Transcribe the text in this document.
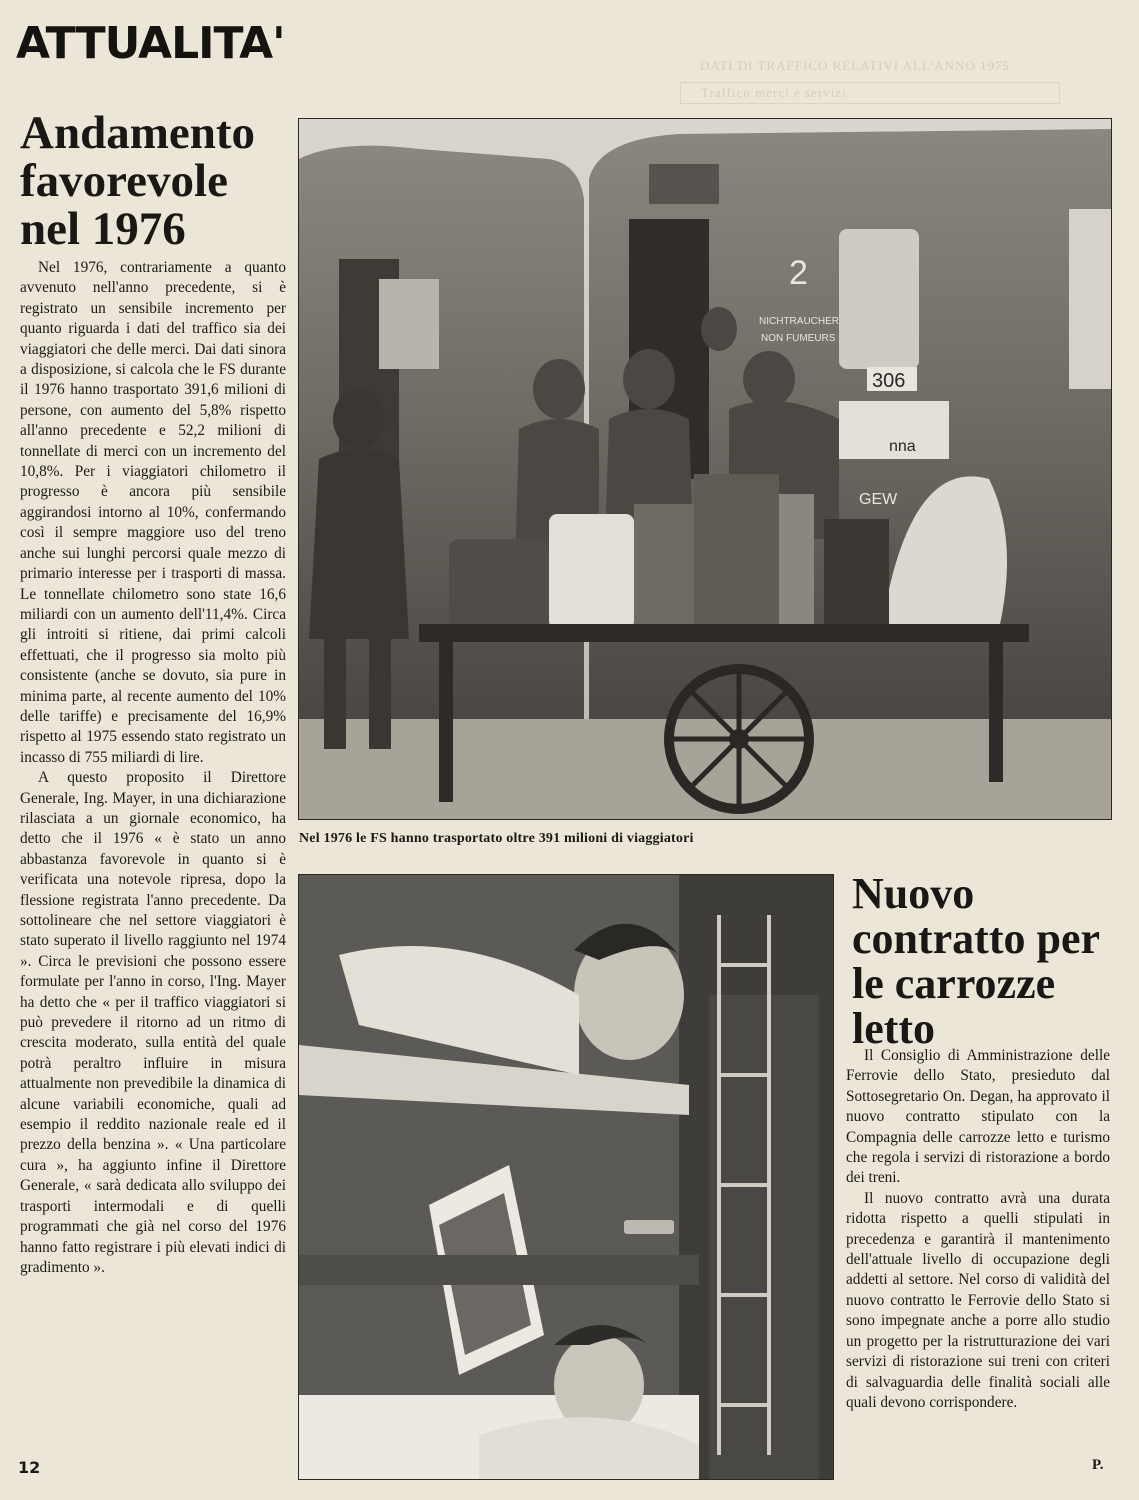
DATI DI TRAFFICO RELATIVI ALL'ANNO 1975
Traffico merci e servizi
ATTUALITA'
Andamento favorevole nel 1976

Nel 1976, contrariamente a quanto avvenuto nell'anno precedente, si è registrato un sensibile incremento per quanto riguarda i dati del traffico sia dei viaggiatori che delle merci. Dai dati sinora a disposizione, si calcola che le FS durante il 1976 hanno trasportato 391,6 milioni di persone, con aumento del 5,8% rispetto all'anno precedente e 52,2 milioni di tonnellate di merci con un incremento del 10,8%. Per i viaggiatori chilometro il progresso è ancora più sensibile aggirandosi intorno al 10%, confermando così il sempre maggiore uso del treno anche sui lunghi percorsi quale mezzo di primario interesse per i trasporti di massa. Le tonnellate chilometro sono state 16,6 miliardi con un aumento dell'11,4%. Circa gli introiti si ritiene, dai primi calcoli effettuati, che il progresso sia molto più consistente (anche se dovuto, sia pure in minima parte, al recente aumento del 10% delle tariffe) e precisamente del 16,9% rispetto al 1975 essendo stato registrato un incasso di 755 miliardi di lire.

A questo proposito il Direttore Generale, Ing. Mayer, in una dichiarazione rilasciata a un giornale economico, ha detto che il 1976 « è stato un anno abbastanza favorevole in quanto si è verificata una notevole ripresa, dopo la flessione registrata l'anno precedente. Da sottolineare che nel settore viaggiatori è stato superato il livello raggiunto nel 1974 ». Circa le previsioni che possono essere formulate per l'anno in corso, l'Ing. Mayer ha detto che « per il traffico viaggiatori si può prevedere il ritorno ad un ritmo di crescita moderato, sulla entità del quale potrà peraltro influire in misura attualmente non prevedibile la dinamica di alcune variabili economiche, quali ad esempio il reddito nazionale reale ed il prezzo della benzina ». « Una particolare cura », ha aggiunto infine il Direttore Generale, « sarà dedicata allo sviluppo dei trasporti intermodali e di quelli programmati che già nel corso del 1976 hanno fatto registrare i più elevati indici di gradimento ».

2
NICHTRAUCHER
NON FUMEURS
306
nna
GEW
Nel 1976 le FS hanno trasportato oltre 391 milioni di viaggiatori
Nuovo contratto per le carrozze letto

Il Consiglio di Amministrazione delle Ferrovie dello Stato, presieduto dal Sottosegretario On. Degan, ha approvato il nuovo contratto stipulato con la Compagnia delle carrozze letto e turismo che regola i servizi di ristorazione a bordo dei treni.

Il nuovo contratto avrà una durata ridotta rispetto a quelli stipulati in precedenza e garantirà il mantenimento dell'attuale livello di occupazione degli addetti al settore. Nel corso di validità del nuovo contratto le Ferrovie dello Stato si sono impegnate anche a porre allo studio un progetto per la ristrutturazione dei vari servizi di ristorazione sui treni con criteri di salvaguardia delle finalità sociali alle quali devono corrispondere.

P.
12
